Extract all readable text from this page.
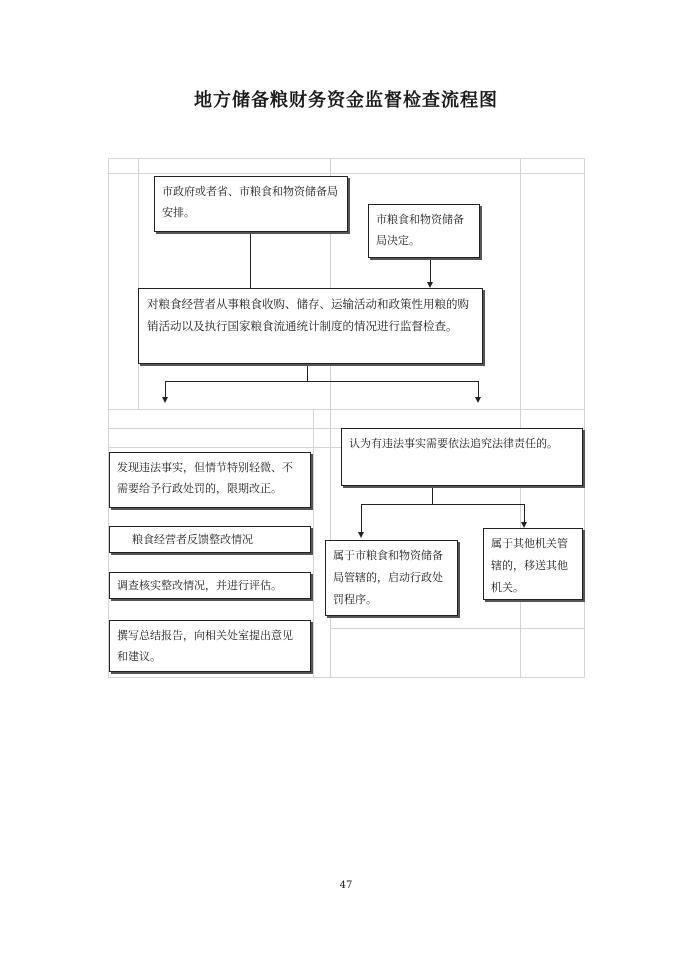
地方储备粮财务资金监督检查流程图
市政府或者省、市粮食和物资储备局安排。
市粮食和物资储备局决定。
对粮食经营者从事粮食收购、储存、运输活动和政策性用粮的购销活动以及执行国家粮食流通统计制度的情况进行监督检查。
认为有违法事实需要依法追究法律责任的。
发现违法事实，但情节特别轻微、不需要给予行政处罚的，限期改正。
粮食经营者反馈整改情况	属于其他机关管辖的，移送其他机关。
属于市粮食和物资储备局管辖的，启动行政处罚程序。
调查核实整改情况，并进行评估。
撰写总结报告，向相关处室提出意见和建议。
47
